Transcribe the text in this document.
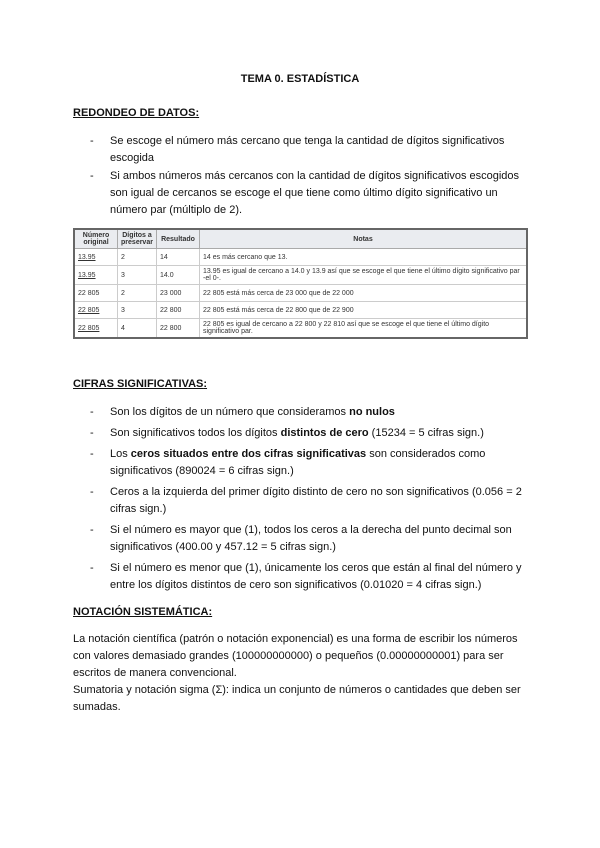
TEMA 0. ESTADÍSTICA
REDONDEO DE DATOS:
- Se escoge el número más cercano que tenga la cantidad de dígitos significativos escogida
- Si ambos números más cercanos con la cantidad de dígitos significativos escogidos son igual de cercanos se escoge el que tiene como último dígito significativo un número par (múltiplo de 2).
Número original	Dígitos a preservar	Resultado	Notas
13.95	2	14	14 es más cercano que 13.
13.95	3	14.0	13.95 es igual de cercano a 14.0 y 13.9 así que se escoge el que tiene el último dígito significativo par -el 0-.
22 805	2	23 000	22 805 está más cerca de 23 000 que de 22 000
22 805	3	22 800	22 805 está más cerca de 22 800 que de 22 900
22 805	4	22 800	22 805 es igual de cercano a 22 800 y 22 810 así que se escoge el que tiene el último dígito significativo par.
CIFRAS SIGNIFICATIVAS:
- Son los dígitos de un número que consideramos no nulos
- Son significativos todos los dígitos distintos de cero (15234 = 5 cifras sign.)
- Los ceros situados entre dos cifras significativas son considerados como significativos (890024 = 6 cifras sign.)
- Ceros a la izquierda del primer dígito distinto de cero no son significativos (0.056 = 2 cifras sign.)
- Si el número es mayor que (1), todos los ceros a la derecha del punto decimal son significativos (400.00 y 457.12 = 5 cifras sign.)
- Si el número es menor que (1), únicamente los ceros que están al final del número y entre los dígitos distintos de cero son significativos (0.01020 = 4 cifras sign.)
NOTACIÓN SISTEMÁTICA:
La notación científica (patrón o notación exponencial) es una forma de escribir los números con valores demasiado grandes (100000000000) o pequeños (0.00000000001) para ser escritos de manera convencional.
Sumatoria y notación sigma (Σ): indica un conjunto de números o cantidades que deben ser sumadas.
